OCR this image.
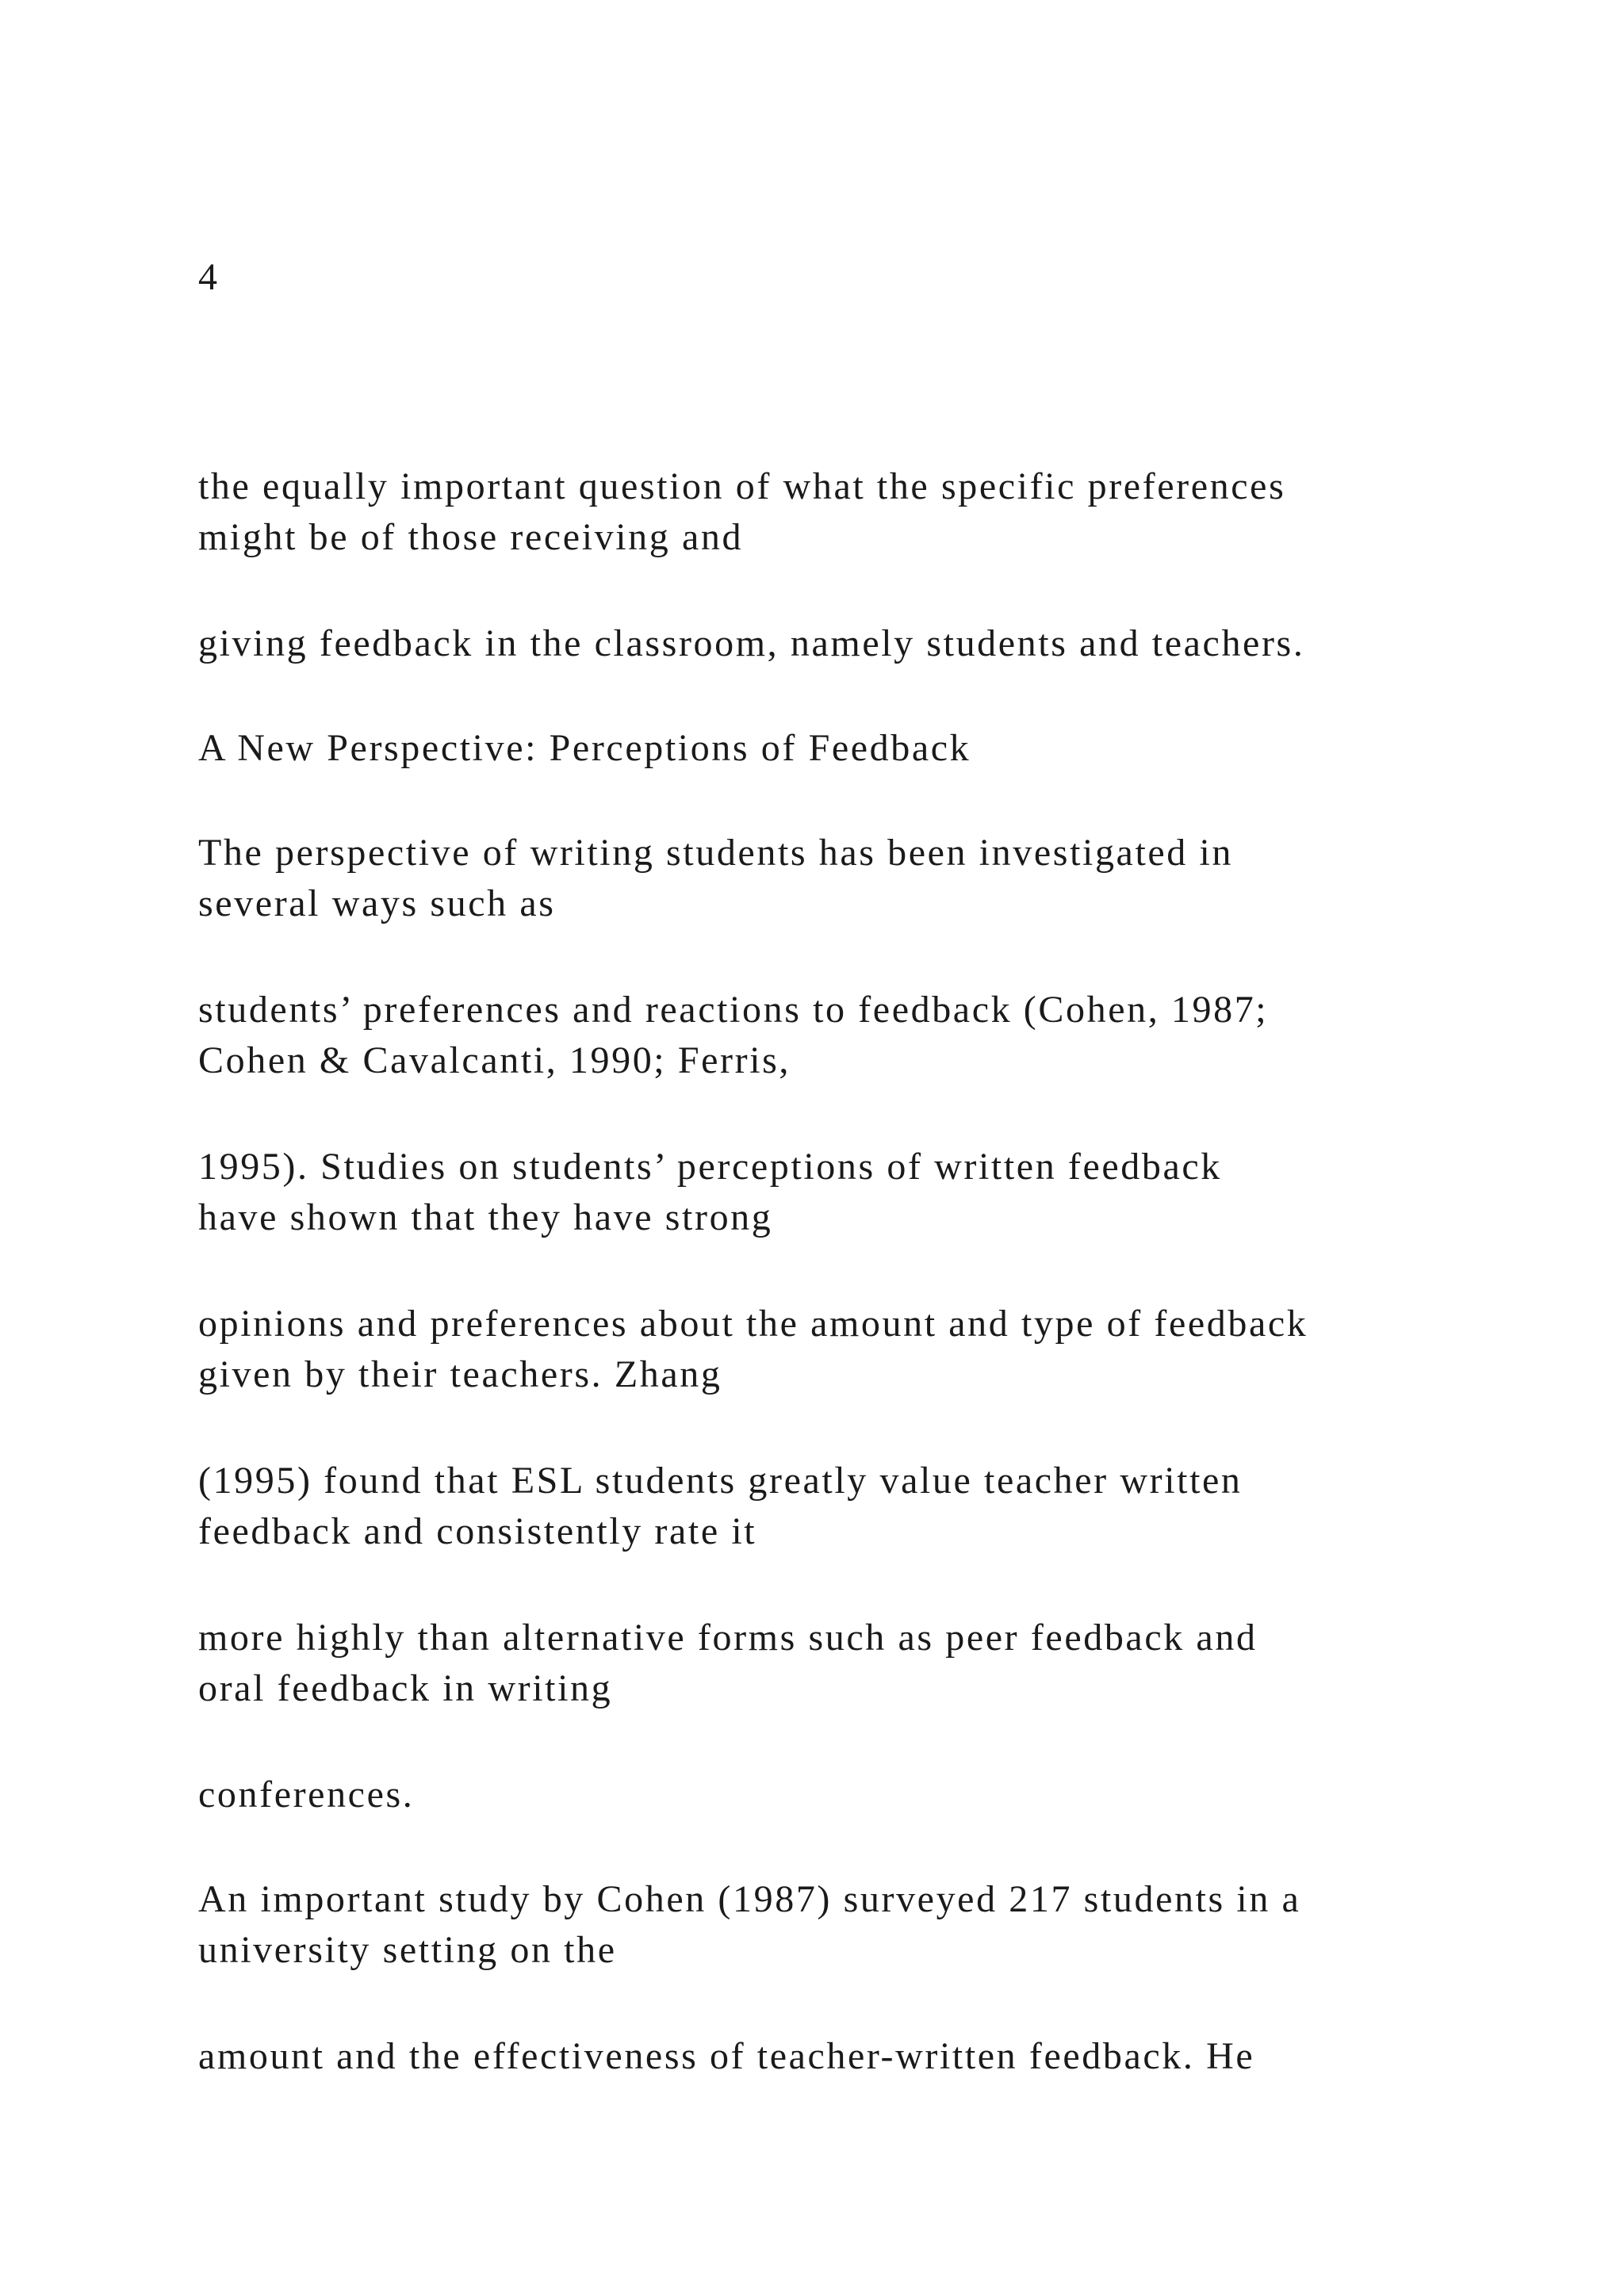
4
the equally important question of what the specific preferences
might be of those receiving and
giving feedback in the classroom, namely students and teachers.
A New Perspective: Perceptions of Feedback
The perspective of writing students has been investigated in
several ways such as
students’ preferences and reactions to feedback (Cohen, 1987;
Cohen & Cavalcanti, 1990; Ferris,
1995). Studies on students’ perceptions of written feedback
have shown that they have strong
opinions and preferences about the amount and type of feedback
given by their teachers. Zhang
(1995) found that ESL students greatly value teacher written
feedback and consistently rate it
more highly than alternative forms such as peer feedback and
oral feedback in writing
conferences.
An important study by Cohen (1987) surveyed 217 students in a
university setting on the
amount and the effectiveness of teacher-written feedback. He
